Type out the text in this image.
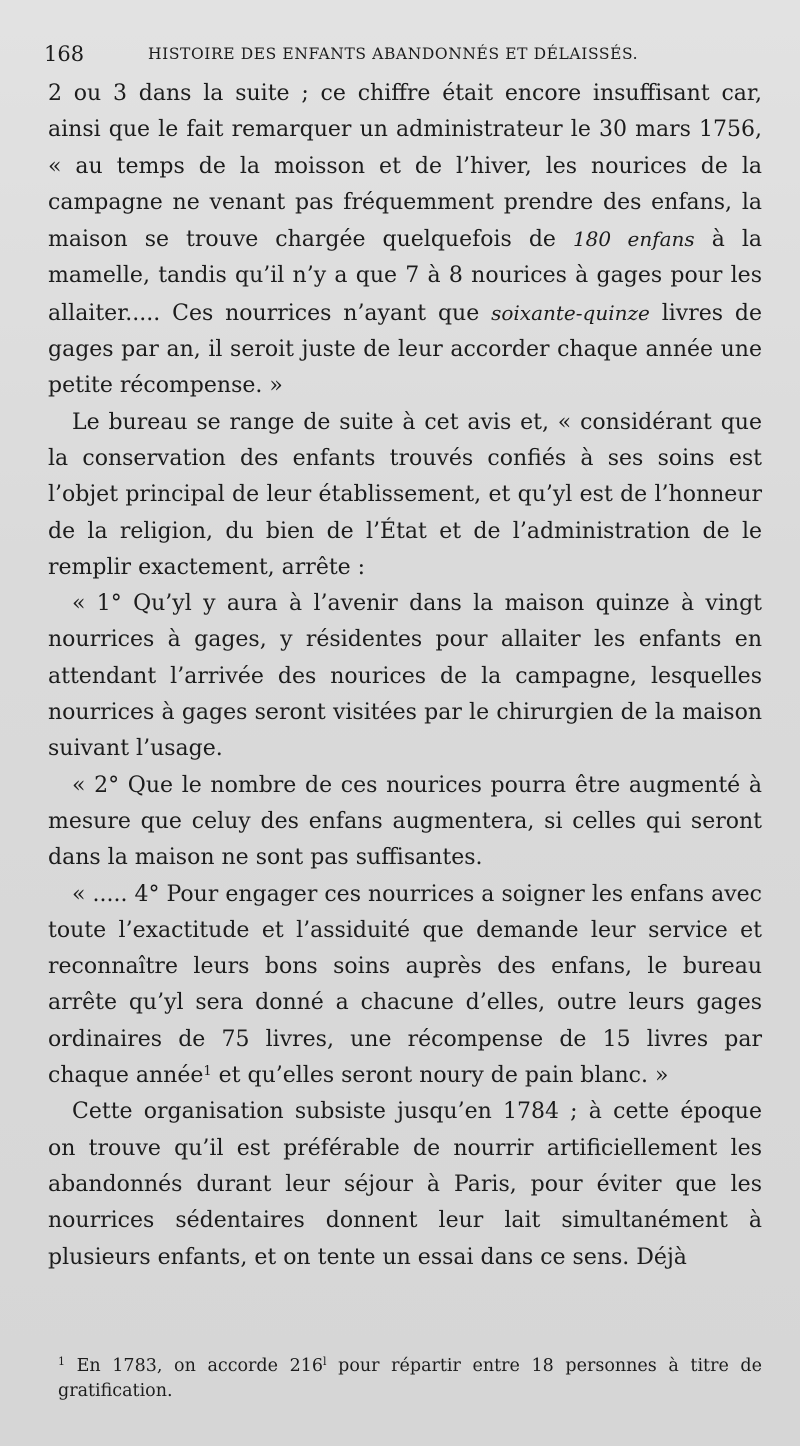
168	HISTOIRE DES ENFANTS ABANDONNÉS ET DÉLAISSÉS.

2 ou 3 dans la suite ; ce chiffre était encore insuffisant car, ainsi que le fait remarquer un administrateur le 30 mars 1756, « au temps de la moisson et de l’hiver, les nourices de la campagne ne venant pas fréquemment prendre des enfans, la maison se trouve chargée quelquefois de 180 enfans à la mamelle, tandis qu’il n’y a que 7 à 8 nourices à gages pour les allaiter..... Ces nourrices n’ayant que soixante-quinze livres de gages par an, il seroit juste de leur accorder chaque année une petite récompense. »

Le bureau se range de suite à cet avis et, « considérant que la conservation des enfants trouvés confiés à ses soins est l’objet principal de leur établissement, et qu’yl est de l’honneur de la religion, du bien de l’État et de l’administration de le remplir exactement, arrête :

« 1° Qu’yl y aura à l’avenir dans la maison quinze à vingt nourrices à gages, y résidentes pour allaiter les enfants en attendant l’arrivée des nourices de la campagne, lesquelles nourrices à gages seront visitées par le chirurgien de la maison suivant l’usage.

« 2° Que le nombre de ces nourices pourra être augmenté à mesure que celuy des enfans augmentera, si celles qui seront dans la maison ne sont pas suffisantes.

« ..... 4° Pour engager ces nourrices a soigner les enfans avec toute l’exactitude et l’assiduité que demande leur service et reconnaître leurs bons soins auprès des enfans, le bureau arrête qu’yl sera donné a chacune d’elles, outre leurs gages ordinaires de 75 livres, une récompense de 15 livres par chaque année$^1$ et qu’elles seront noury de pain blanc. »

Cette organisation subsiste jusqu’en 1784 ; à cette époque on trouve qu’il est préférable de nourrir artificiellement les abandonnés durant leur séjour à Paris, pour éviter que les nourrices sédentaires donnent leur lait simultanément à plusieurs enfants, et on tente un essai dans ce sens. Déjà

$^1$ En 1783, on accorde 216$^l$ pour répartir entre 18 personnes à titre de gratification.
